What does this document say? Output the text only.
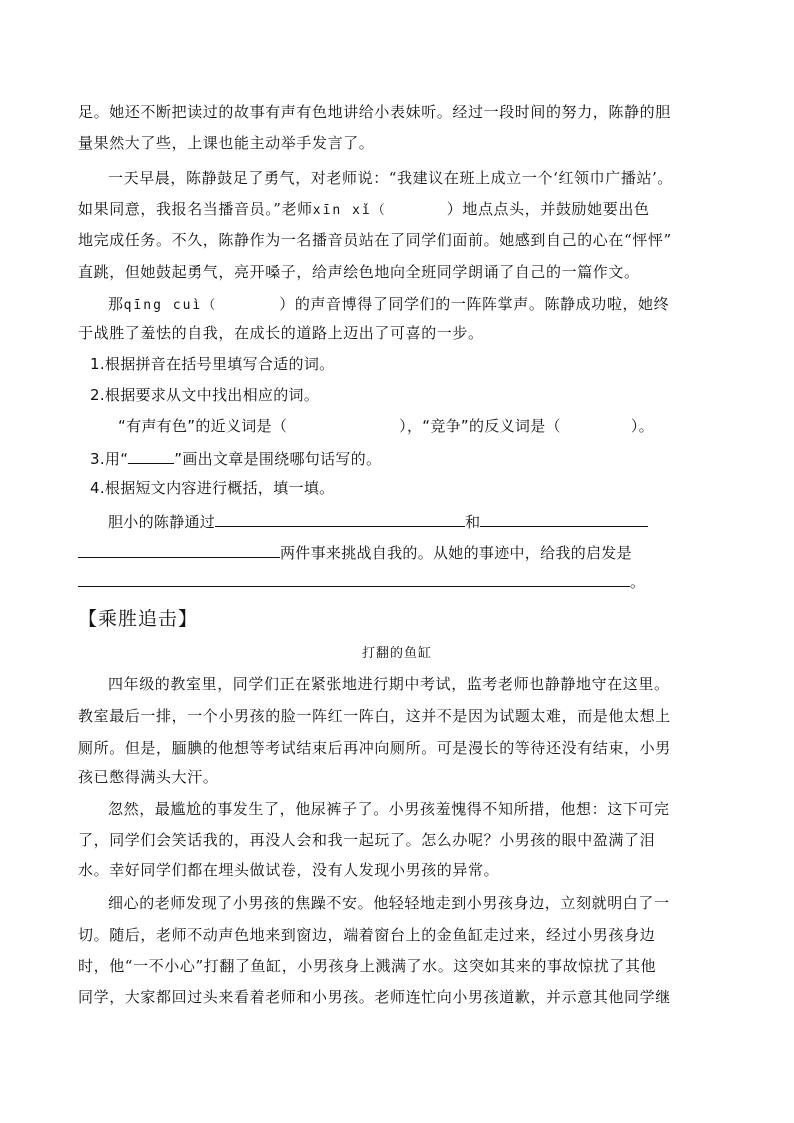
足。她还不断把读过的故事有声有色地讲给小表妹听。经过一段时间的努力，陈静的胆
量果然大了些，上课也能主动举手发言了。
一天早晨，陈静鼓足了勇气，对老师说：“我建议在班上成立一个‘红领巾广播站’。
如果同意，我报名当播音员。”老师xīn xǐ（	）地点点头，并鼓励她要出色
地完成任务。不久，陈静作为一名播音员站在了同学们面前。她感到自己的心在“怦怦”
直跳，但她鼓起勇气，亮开嗓子，给声绘色地向全班同学朗诵了自己的一篇作文。
那qīng cuì（	）的声音博得了同学们的一阵阵掌声。陈静成功啦，她终
于战胜了羞怯的自我，在成长的道路上迈出了可喜的一步。
1.根据拼音在括号里填写合适的词。
2.根据要求从文中找出相应的词。
“有声有色”的近义词是（	），“竞争”的反义词是（	）。
3.用“	”画出文章是围绕哪句话写的。
4.根据短文内容进行概括，填一填。
胆小的陈静通过	和
两件事来挑战自我的。从她的事迹中，给我的启发是
。
【乘胜追击】
打翻的鱼缸
四年级的教室里，同学们正在紧张地进行期中考试，监考老师也静静地守在这里。
教室最后一排，一个小男孩的脸一阵红一阵白，这并不是因为试题太难，而是他太想上
厕所。但是，腼腆的他想等考试结束后再冲向厕所。可是漫长的等待还没有结束，小男
孩已憋得满头大汗。
忽然，最尴尬的事发生了，他尿裤子了。小男孩羞愧得不知所措，他想：这下可完
了，同学们会笑话我的，再没人会和我一起玩了。怎么办呢？小男孩的眼中盈满了泪
水。幸好同学们都在埋头做试卷，没有人发现小男孩的异常。
细心的老师发现了小男孩的焦躁不安。他轻轻地走到小男孩身边，立刻就明白了一
切。随后，老师不动声色地来到窗边，端着窗台上的金鱼缸走过来，经过小男孩身边
时，他“一不小心”打翻了鱼缸，小男孩身上溅满了水。这突如其来的事故惊扰了其他
同学，大家都回过头来看着老师和小男孩。老师连忙向小男孩道歉，并示意其他同学继
